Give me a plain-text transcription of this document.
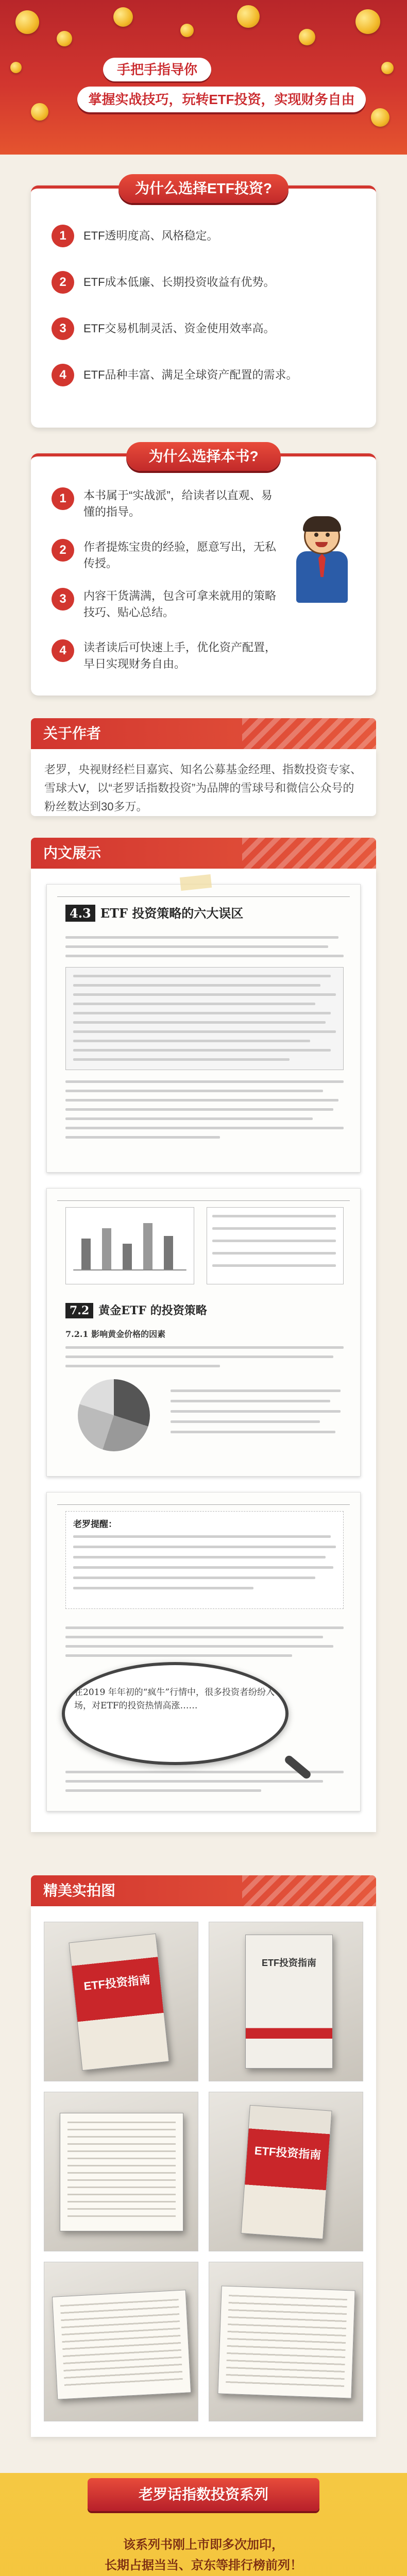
手把手指导你
掌握实战技巧，玩转ETF投资，实现财务自由
为什么选择ETF投资?
1	ETF透明度高、风格稳定。
2	ETF成本低廉、长期投资收益有优势。
3	ETF交易机制灵活、资金使用效率高。
4	ETF品种丰富、满足全球资产配置的需求。
为什么选择本书?
1	本书属于“实战派”，给读者以直观、易懂的指导。
2	作者提炼宝贵的经验，愿意写出，无私传授。
3	内容干货满满，包含可拿来就用的策略技巧、贴心总结。
4	读者读后可快速上手，优化资产配置，早日实现财务自由。
关于作者
老罗，央视财经栏目嘉宾、知名公募基金经理、指数投资专家、雪球大V，以“老罗话指数投资”为品牌的雪球号和微信公众号的粉丝数达到30多万。
内文展示
4.3 ETF 投资策略的六大误区
7.2 黄金ETF 的投资策略
7.2.1 影响黄金价格的因素
老罗提醒：
在2019 年年初的“疯牛”行情中，很多投资者纷纷入场，对ETF的投资热情高涨……
精美实拍图
ETF投资指南
ETF投资指南
ETF投资指南
老罗话指数投资系列
该系列书刚上市即多次加印，
长期占据当当、京东等排行榜前列！
